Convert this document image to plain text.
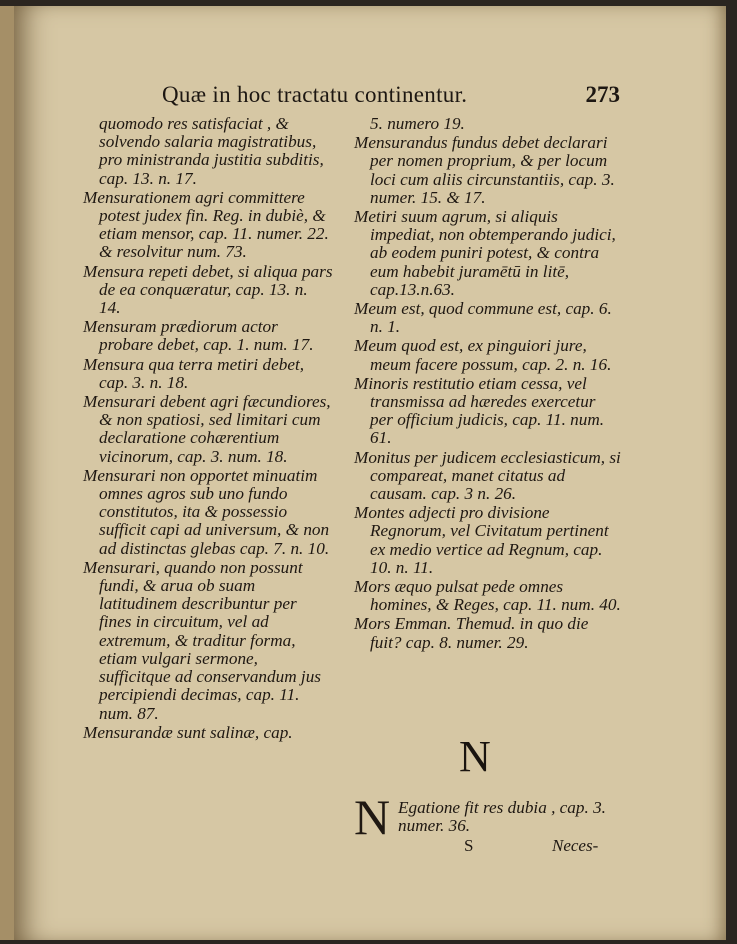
Quæ in hoc tractatu continentur.	273
quomodo res satisfaciat , & solvendo salaria magistratibus, pro ministranda justitia subditis, cap. 13. n. 17.
Mensurationem agri committere potest judex fin. Reg. in dubiè, & etiam mensor, cap. 11. numer. 22. & resolvitur num. 73.
Mensura repeti debet, si aliqua pars de ea conquæratur, cap. 13. n. 14.
Mensuram prædiorum actor probare debet, cap. 1. num. 17.
Mensura qua terra metiri debet, cap. 3. n. 18.
Mensurari debent agri fæcundiores, & non spatiosi, sed limitari cum declaratione cohærentium vicinorum, cap. 3. num. 18.
Mensurari non opportet minuatim omnes agros sub uno fundo constitutos, ita & possessio sufficit capi ad universum, & non ad distinctas glebas cap. 7. n. 10.
Mensurari, quando non possunt fundi, & arua ob suam latitudinem describuntur per fines in circuitum, vel ad extremum, & traditur forma, etiam vulgari sermone, sufficitque ad conservandum jus percipiendi decimas, cap. 11. num. 87.
Mensurandæ sunt salinæ, cap.
5. numero 19.
Mensurandus fundus debet declarari per nomen proprium, & per locum loci cum aliis circunstantiis, cap. 3. numer. 15. & 17.
Metiri suum agrum, si aliquis impediat, non obtemperando judici, ab eodem puniri potest, & contra eum habebit juramētū in litē, cap.13.n.63.
Meum est, quod commune est, cap. 6. n. 1.
Meum quod est, ex pinguiori jure, meum facere possum, cap. 2. n. 16.
Minoris restitutio etiam cessa, vel transmissa ad hæredes exercetur per officium judicis, cap. 11. num. 61.
Monitus per judicem ecclesiasticum, si compareat, manet citatus ad causam. cap. 3 n. 26.
Montes adjecti pro divisione Regnorum, vel Civitatum pertinent ex medio vertice ad Regnum, cap. 10. n. 11.
Mors æquo pulsat pede omnes homines, & Reges, cap. 11. num. 40.
Mors Emman. Themud. in quo die fuit? cap. 8. numer. 29.
N
N Egatione fit res dubia , cap. 3. numer. 36.
S	Neces-
